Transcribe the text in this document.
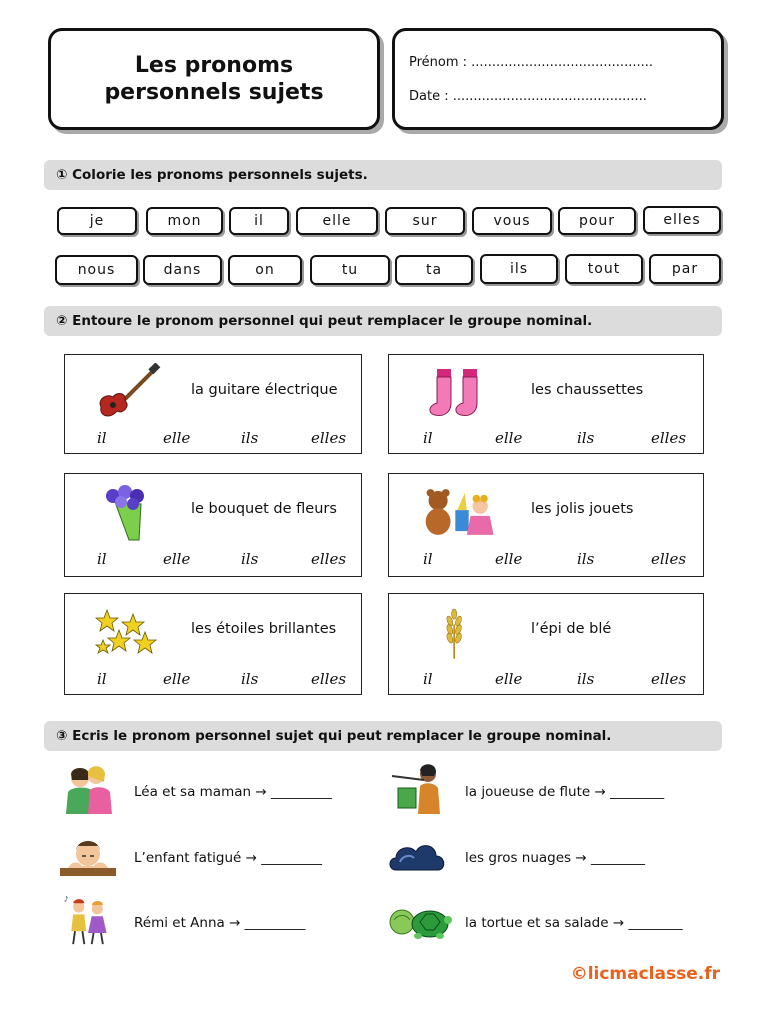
Les pronoms
personnels sujets
Prénom : ............................................
Date : ...............................................
① Colorie les pronoms personnels sujets.
je	mon	il	elle	sur	vous	pour	elles
nous	dans	on	tu	ta	ils	tout	par
② Entoure le pronom personnel qui peut remplacer le groupe nominal.
la guitare électrique
il	elle	ils	elles
les chaussettes
il	elle	ils	elles
le bouquet de fleurs
il	elle	ils	elles
les jolis jouets
il	elle	ils	elles
les étoiles brillantes
il	elle	ils	elles
l’épi de blé
il	elle	ils	elles
③ Ecris le pronom personnel sujet qui peut remplacer le groupe nominal.
Léa et sa maman → _________	la joueuse de flute → ________
L’enfant fatigué → _________	les gros nuages → ________
♪
Rémi et Anna → _________	la tortue et sa salade → ________
©licmaclasse.fr
